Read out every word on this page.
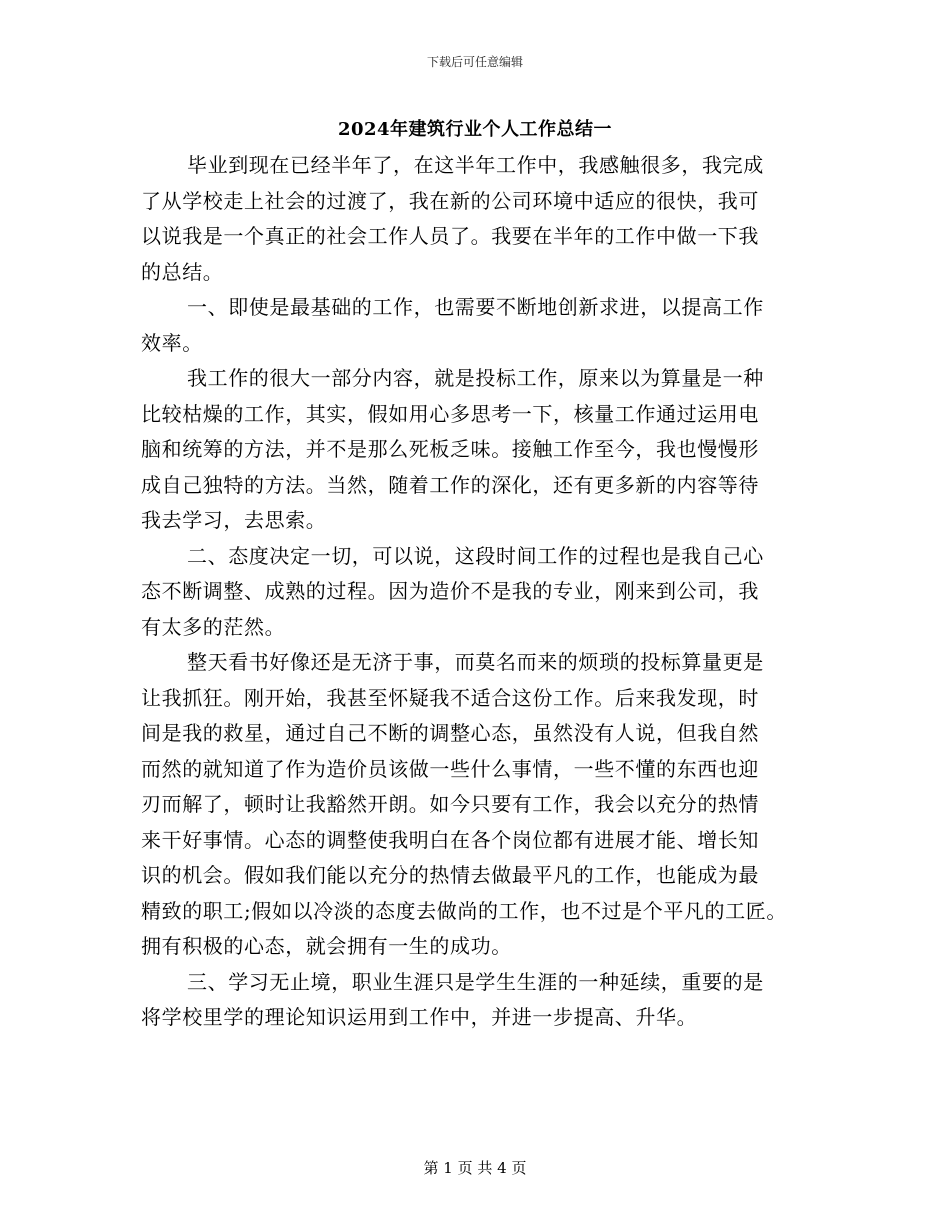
下载后可任意编辑
2024年建筑行业个人工作总结一
毕业到现在已经半年了，在这半年工作中，我感触很多，我完成
了从学校走上社会的过渡了，我在新的公司环境中适应的很快，我可
以说我是一个真正的社会工作人员了。我要在半年的工作中做一下我
的总结。
一、即使是最基础的工作，也需要不断地创新求进，以提高工作
效率。
我工作的很大一部分内容，就是投标工作，原来以为算量是一种
比较枯燥的工作，其实，假如用心多思考一下，核量工作通过运用电
脑和统筹的方法，并不是那么死板乏味。接触工作至今，我也慢慢形
成自己独特的方法。当然，随着工作的深化，还有更多新的内容等待
我去学习，去思索。
二、态度决定一切，可以说，这段时间工作的过程也是我自己心
态不断调整、成熟的过程。因为造价不是我的专业，刚来到公司，我
有太多的茫然。
整天看书好像还是无济于事，而莫名而来的烦琐的投标算量更是
让我抓狂。刚开始，我甚至怀疑我不适合这份工作。后来我发现，时
间是我的救星，通过自己不断的调整心态，虽然没有人说，但我自然
而然的就知道了作为造价员该做一些什么事情，一些不懂的东西也迎
刃而解了，顿时让我豁然开朗。如今只要有工作，我会以充分的热情
来干好事情。心态的调整使我明白在各个岗位都有进展才能、增长知
识的机会。假如我们能以充分的热情去做最平凡的工作，也能成为最
精致的职工;假如以冷淡的态度去做尚的工作，也不过是个平凡的工匠。
拥有积极的心态，就会拥有一生的成功。
三、学习无止境，职业生涯只是学生生涯的一种延续，重要的是
将学校里学的理论知识运用到工作中，并进一步提高、升华。
第 1 页 共 4 页
